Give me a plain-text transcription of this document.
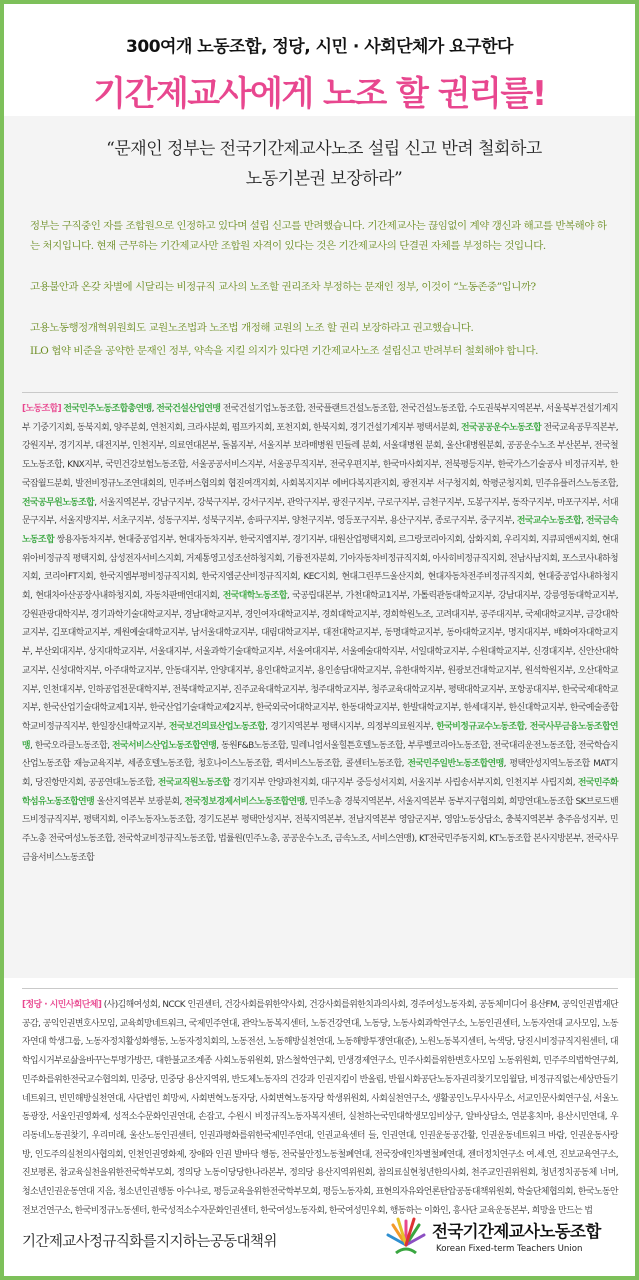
300여개 노동조합, 정당, 시민 · 사회단체가 요구한다
기간제교사에게 노조 할 권리를!
“문재인 정부는 전국기간제교사노조 설립 신고 반려 철회하고
노동기본권 보장하라”

정부는 구직중인 자를 조합원으로 인정하고 있다며 설립 신고를 반려했습니다. 기간제교사는 끊임없이 계약 갱신과 해고를 반복해야 하는 처지입니다. 현재 근무하는 기간제교사만 조합원 자격이 있다는 것은 기간제교사의 단결권 자체를 부정하는 것입니다.

고용불안과 온갖 차별에 시달리는 비정규직 교사의 노조할 권리조차 부정하는 문재인 정부, 이것이 “노동존중”입니까?

고용노동행정개혁위원회도 교원노조법과 노조법 개정해 교원의 노조 할 권리 보장하라고 권고했습니다.

ILO 협약 비준을 공약한 문재인 정부, 약속을 지킬 의지가 있다면 기간제교사노조 설립신고 반려부터 철회해야 합니다.

[노동조합] 전국민주노동조합총연맹, 전국건설산업연맹 전국건설기업노동조합, 전국플랜트건설노동조합, 전국건설노동조합, 수도권북부지역본부, 서울북부건설기계지부 기중기지회, 동북지회, 양주분회, 연천지회, 크라샤분회, 펌프카지회, 포천지회, 한북지회, 경기건설기계지부 평택서분회, 전국공공운수노동조합 전국교육공무직본부, 강원지부, 경기지부, 대전지부, 인천지부, 의료연대본부, 돌봄지부, 서울지부 보라매병원 민들레 분회, 서울대병원 분회, 울산대병원분회, 공공운수노조 부산본부, 전국철도노동조합, KNX지부, 국민건강보험노동조합, 서울공공서비스지부, 서울공무직지부, 전국우편지부, 한국마사회지부, 전북평등지부, 한국가스기술공사 비정규지부, 한국잡월드분회, 발전비정규노조연대회의, 민주버스협의회 협진여객지회, 사회복지지부 에버다복지관지회, 광전지부 서구청지회, 학평군청지회, 민주유플러스노동조합, 전국공무원노동조합, 서울지역본부, 강남구지부, 강북구지부, 강서구지부, 관악구지부, 광진구지부, 구로구지부, 금천구지부, 도봉구지부, 동작구지부, 마포구지부, 서대문구지부, 서울지방지부, 서초구지부, 성동구지부, 성북구지부, 송파구지부, 양천구지부, 영등포구지부, 용산구지부, 종로구지부, 중구지부, 전국교수노동조합, 전국금속노동조합 쌍용자동차지부, 현대중공업지부, 현대자동차지부, 한국지엠지부, 경기지부, 대원산업평택지회, 르그랑코리아지회, 삼화지회, 우리지회, 지큐피앤씨지회, 현대위아비정규직 평택지회, 삼성전자서비스지회, 거제통영고성조선하청지회, 기륭전자분회, 기아자동차비정규직지회, 아사히비정규직지회, 전남사남지회, 포스코사내하청지회, 코리아FT지회, 한국지엠부평비정규직지회, 한국지엠군산비정규직지회, KEC지회, 현대그린푸드울산지회, 현대자동차전주비정규직지회, 현대중공업사내하청지회, 현대차아산공장사내하청지회, 자동차판매연대지회, 전국대학노동조합, 국공립대본부, 가천대학교1지부, 가톨릭관동대학교지부, 강남대지부, 강릉영동대학교지부, 강원관광대학지부, 경기과학기술대학교지부, 경남대학교지부, 경인여자대학교지부, 경희대학교지부, 경희학원노조, 고려대지부, 공주대지부, 국제대학교지부, 금강대학교지부, 김포대학교지부, 계원예술대학교지부, 남서울대학교지부, 대림대학교지부, 대전대학교지부, 동명대학교지부, 동아대학교지부, 명지대지부, 배화여자대학교지부, 부산외대지부, 상지대학교지부, 서울대지부, 서울과학기술대학교지부, 서울여대지부, 서울예술대학지부, 서일대학교지부, 수원대학교지부, 신경대지부, 신안산대학교지부, 신성대학지부, 아주대학교지부, 안동대지부, 안양대지부, 용인대학교지부, 용인송담대학교지부, 유한대학지부, 원광보건대학교지부, 원석학원지부, 오산대학교지부, 인천대지부, 인하공업전문대학지부, 전북대학교지부, 진주교육대학교지부, 청주대학교지부, 청주교육대학교지부, 평택대학교지부, 포항공대지부, 한국국제대학교지부, 한국산업기술대학교제1지부, 한국산업기술대학교제2지부, 한국외국어대학교지부, 한동대학교지부, 한발대학교지부, 한세대지부, 한신대학교지부, 한국예술종합학교비정규직지부, 한일장신대학교지부, 전국보건의료산업노동조합, 경기지역본부 평택시지부, 의정부의료원지부, 한국비정규교수노동조합, 전국사무금융노동조합연맹, 한국오라클노동조합, 전국서비스산업노동조합연맹, 동원F&B노동조합, 밀레니엄서울힐튼호텔노동조합, 부루벨코리아노동조합, 전국대리운전노동조합, 전국학습지산업노동조합 재능교육지부, 세종호텔노동조합, 청호나이스노동조합, 퀵서비스노동조합, 콜센터노동조합, 전국민주일반노동조합연맹, 평택안성지역노동조합 MAT지회, 당진항만지회, 공공연대노동조합, 전국교직원노동조합 경기지부 안양과천지회, 대구지부 중등성서지회, 서울지부 사립송서부지회, 인천지부 사립지회, 전국민주화학섬유노동조합연맹 울산지역본부 보광분회, 전국정보경제서비스노동조합연맹, 민주노총 경북지역본부, 서울지역본부 동부지구협의회, 희망연대노동조합 SK브로드밴드비정규직지부, 평택지회, 이주노동자노동조합, 경기도본부 평택안성지부, 전북지역본부, 전남지역본부 영암군지부, 영암노동상담소, 충북지역본부 충주음성지부, 민주노총 전국여성노동조합, 전국학교비정규직노동조합, 법률원(민주노총, 공공운수노조, 금속노조, 서비스연맹), KT전국민주동지회, KT노동조합 본사지방본부, 전국사무금융서비스노동조합

[정당 · 시민사회단체] (사)김해여성회, NCCK 인권센터, 건강사회를위한약사회, 건강사회를위한치과의사회, 경주여성노동자회, 공동체미디어 용산FM, 공익인권법재단 공감, 공익인권변호사모임, 교육희망네트워크, 국제민주연대, 관악노동복지센터, 노동건강연대, 노동당, 노동사회과학연구소, 노동인권센터, 노동자연대 교사모임, 노동자연대 학생그룹, 노동자정치활성화행동, 노동자정치회의, 노동전선, 노동해방실천연대, 노동해방투쟁연대(준), 노원노동복지센터, 녹색당, 당진시비정규직지원센터, 대학입시거부로삶을바꾸는투명가방끈, 대한불교조계종 사회노동위원회, 맑스철학연구회, 민생경제연구소, 민주사회를위한변호사모임 노동위원회, 민주주의법학연구회, 민주화를위한전국교수협의회, 민중당, 민중당 용산지역위, 반도체노동자의 건강과 인권지킴이 반올림, 반월시화공단노동자권리찾기모임월담, 비정규직없는세상만들기네트워크, 빈민해방실천연대, 사단법인 희망씨, 사회변혁노동자당, 사회변혁노동자당 학생위원회, 사회실천연구소, 생활공인노무사사무소, 서교인문사회연구실, 서울노동광장, 서울인권영화제, 성적소수문화인권연대, 손잡고, 수원시 비정규직노동자복지센터, 실천하는국민대학생모임비상구, 알바상담소, 연분홍치마, 용산시민연대, 우리동네노동권찾기, 우리미래, 울산노동인권센터, 인권과평화를위한국제민주연대, 인권교육센터 들, 인권연대, 인권운동공간활, 인권운동네트워크 바람, 인권운동사랑방, 인도주의실천의사협의회, 인천인권영화제, 장애와 인권 발바닥 행동, 전국불안정노동철폐연대, 전국장애인차별철폐연대, 젠더정치연구소 여.세.연, 진보교육연구소, 진보평론, 참교육실천을위한전국학부모회, 정의당 노동이당당한나라본부, 정의당 용산지역위원회, 참의료실현청년한의사회, 천주교인권위원회, 청년정치공동체 너머, 청소년인권운동연대 지음, 청소년인권행동 아수나로, 평등교육을위한전국학부모회, 평등노동자회, 표현의자유와언론탄압공동대책위원회, 학술단체협의회, 한국노동안전보건연구소, 한국비정규노동센터, 한국성적소수자문화인권센터, 한국여성노동자회, 한국여성민우회, 행동하는 이화인, 흥사단 교육운동본부, 희망을 만드는 법

기간제교사정규직화를지지하는공동대책위
전국기간제교사노동조합
Korean Fixed-term Teachers Union
